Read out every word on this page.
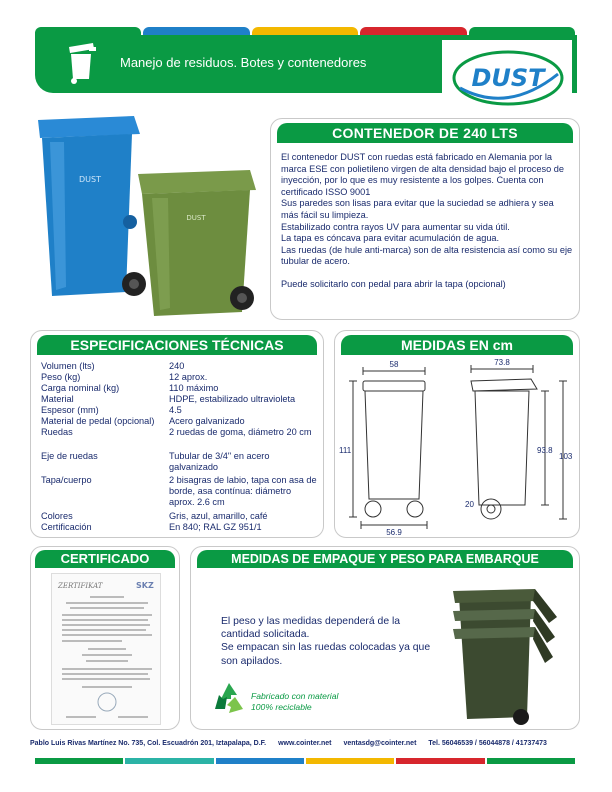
Manejo de residuos. Botes y contenedores
DUST
DUST
DUST
CONTENEDOR DE 240 LTS

El contenedor DUST con ruedas está fabricado en Alemania por la marca ESE con polietileno virgen de alta densidad bajo el proceso de inyección, por lo que es muy resistente a los golpes. Cuenta con certificado ISSO 9001

Sus paredes son lisas para evitar que la suciedad se adhiera y sea más fácil su limpieza.

Estabilizado contra rayos UV para aumentar su vida útil.

La tapa es cóncava para evitar acumulación de agua.

Las ruedas (de hule anti-marca) son de alta resistencia así como su eje tubular de acero.

Puede solicitarlo con pedal para abrir la tapa (opcional)

ESPECIFICACIONES TÉCNICAS
Volumen (lts)	240
Peso (kg)	12 aprox.
Carga nominal (kg)	110 máximo
Material	HDPE, estabilizado ultravioleta
Espesor (mm)	4.5
Material de pedal (opcional)	Acero galvanizado
Ruedas	2 ruedas de goma, diámetro 20 cm
Eje de ruedas	Tubular de 3/4" en acero galvanizado
Tapa/cuerpo	2 bisagras de labio, tapa con asa de borde, asa contínua: diámetro aprox. 2.6 cm
Colores	Gris, azul, amarillo, café
Certificación	En 840; RAL GZ 951/1
MEDIDAS EN cm
58
111
56.9
73.8
93.8
103
20
CERTIFICADO
ZERTIFIKAT	SKZ
MEDIDAS DE EMPAQUE Y PESO PARA EMBARQUE
El peso y las medidas dependerá de la cantidad solicitada.
Se empacan sin las ruedas colocadas ya que son apilados.
Fabricado con material
100% reciclable
Pablo Luis Rivas Martínez No. 735, Col. Escuadrón 201, Iztapalapa, D.F. www.cointer.net ventasdg@cointer.net Tel. 56046539 / 56044878 / 41737473
